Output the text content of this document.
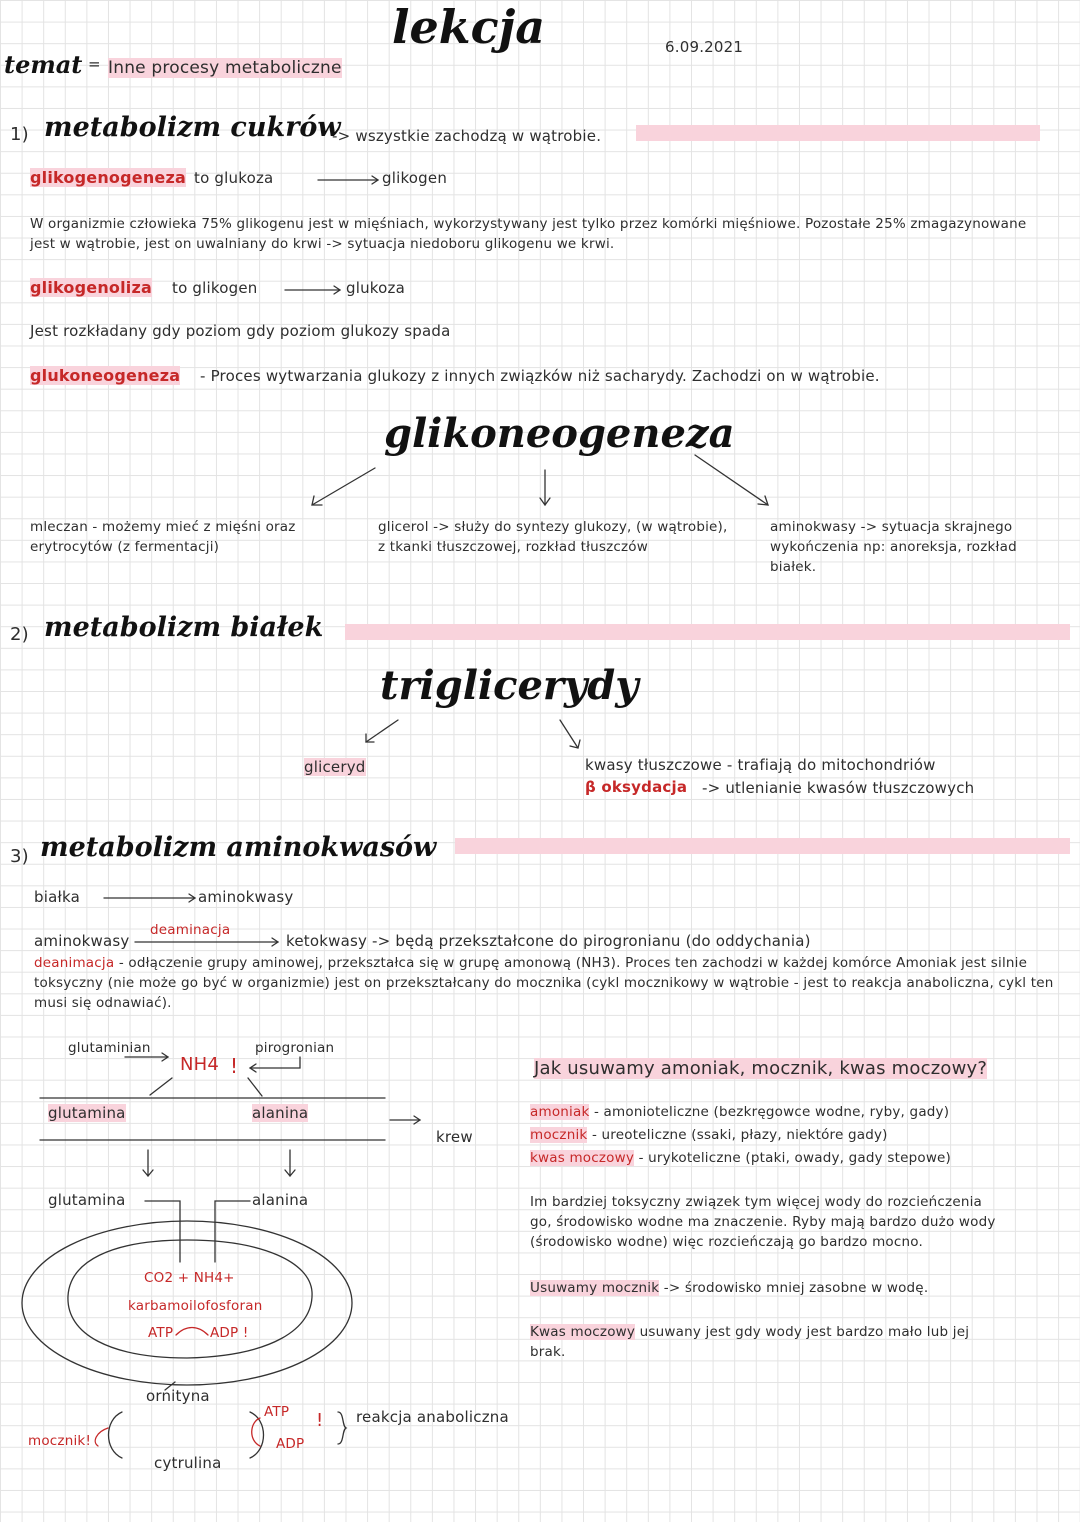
temat = Inne procesy metaboliczne
lekcja	6.09.2021
1) metabolizm cukrów
-> wszystkie zachodzą w wątrobie.
glikogenogeneza to glukoza	glikogen
W organizmie człowieka 75% glikogenu jest w mięśniach, wykorzystywany jest tylko przez komórki mięśniowe. Pozostałe 25% zmagazynowane jest w wątrobie, jest on uwalniany do krwi -> sytuacja niedoboru glikogenu we krwi.
glikogenoliza to glikogen	glukoza
Jest rozkładany gdy poziom gdy poziom glukozy spada
glukoneogeneza - Proces wytwarzania glukozy z innych związków niż sacharydy. Zachodzi on w wątrobie.
glikoneogeneza
mleczan - możemy mieć z mięśni oraz erytrocytów (z fermentacji)
glicerol -> służy do syntezy glukozy, (w wątrobie), z tkanki tłuszczowej, rozkład tłuszczów
aminokwasy -> sytuacja skrajnego wykończenia np: anoreksja, rozkład białek.
2) metabolizm białek
triglicerydy
gliceryd	kwasy tłuszczowe - trafiają do mitochondriów
β oksydacja -> utlenianie kwasów tłuszczowych
3) metabolizm aminokwasów
białka	aminokwasy
aminokwasy
deaminacja
ketokwasy -> będą przekształcone do pirogronianu (do oddychania)
deanimacja - odłączenie grupy aminowej, przekształca się w grupę amonową (NH3). Proces ten zachodzi w każdej komórce Amoniak jest silnie toksyczny (nie może go być w organizmie) jest on przekształcany do mocznika (cykl mocznikowy w wątrobie - jest to reakcja anaboliczna, cykl ten musi się odnawiać).
glutaminian
NH4 !
pirogronian
glutamina	alanina
krew
glutamina	alanina
CO2 + NH4+
karbamoilofosforan
ATP	ADP !
ornityna
mocznik!
cytrulina
ATP
ADP
! reakcja anaboliczna
Jak usuwamy amoniak, mocznik, kwas moczowy?
amoniak - amonioteliczne (bezkręgowce wodne, ryby, gady)
mocznik - ureoteliczne (ssaki, płazy, niektóre gady)
kwas moczowy - urykoteliczne (ptaki, owady, gady stepowe)
Im bardziej toksyczny związek tym więcej wody do rozcieńczenia go, środowisko wodne ma znaczenie. Ryby mają bardzo dużo wody (środowisko wodne) więc rozcieńczają go bardzo mocno.
Usuwamy mocznik -> środowisko mniej zasobne w wodę.
Kwas moczowy usuwany jest gdy wody jest bardzo mało lub jej brak.
